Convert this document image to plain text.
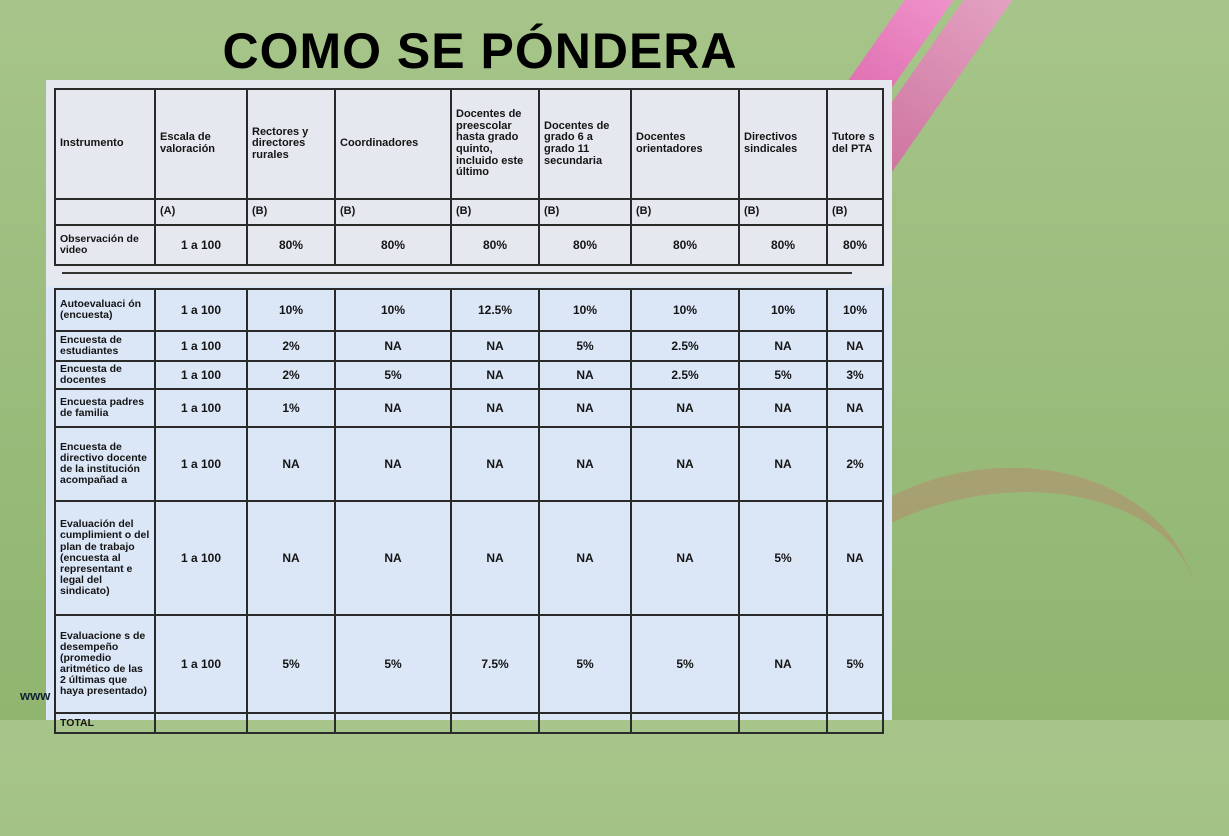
COMO SE PÓNDERA
Instrumento	Escala de valoración	Rectores y directores rurales	Coordinadores	Docentes de preescolar hasta grado quinto, incluido este último	Docentes de grado 6 a grado 11 secundaria	Docentes orientadores	Directivos sindicales	Tutore s del PTA
	(A)	(B)	(B)	(B)	(B)	(B)	(B)	(B)
Observación de video	1 a 100	80%	80%	80%	80%	80%	80%	80%
Autoevaluaci ón (encuesta)	1 a 100	10%	10%	12.5%	10%	10%	10%	10%
Encuesta de estudiantes	1 a 100	2%	NA	NA	5%	2.5%	NA	NA
Encuesta de docentes	1 a 100	2%	5%	NA	NA	2.5%	5%	3%
Encuesta padres de familia	1 a 100	1%	NA	NA	NA	NA	NA	NA
Encuesta de directivo docente de la institución acompañad a	1 a 100	NA	NA	NA	NA	NA	NA	2%
Evaluación del cumplimient o del plan de trabajo (encuesta al representant e legal del sindicato)	1 a 100	NA	NA	NA	NA	NA	5%	NA
Evaluacione s de desempeño (promedio aritmético de las 2 últimas que haya presentado)	1 a 100	5%	5%	7.5%	5%	5%	NA	5%
TOTAL								
www
